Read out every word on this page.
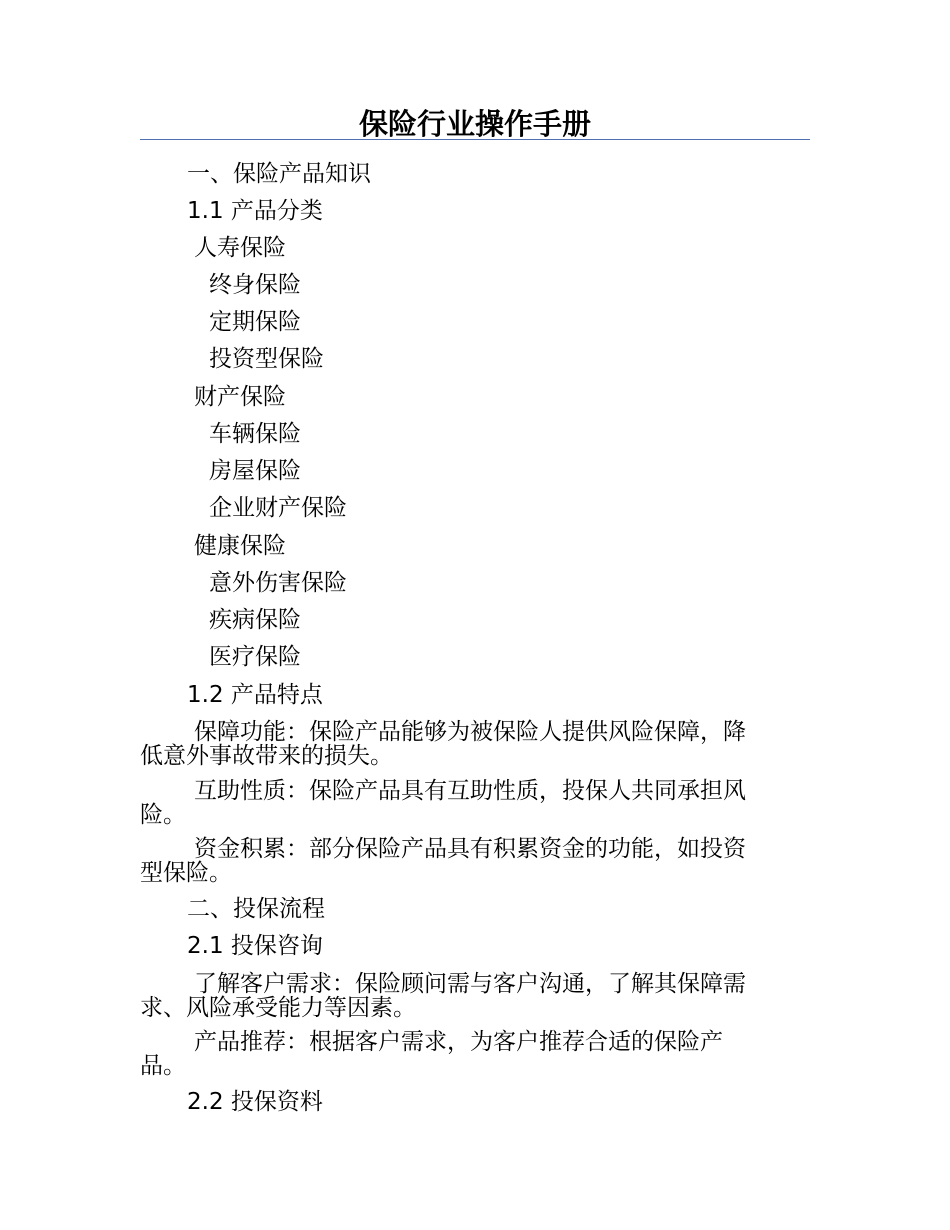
保险行业操作手册

一、保险产品知识

1.1 产品分类

人寿保险

终身保险

定期保险

投资型保险

财产保险

车辆保险

房屋保险

企业财产保险

健康保险

意外伤害保险

疾病保险

医疗保险

1.2 产品特点

保障功能：保险产品能够为被保险人提供风险保障，降
低意外事故带来的损失。
互助性质：保险产品具有互助性质，投保人共同承担风
险。
资金积累：部分保险产品具有积累资金的功能，如投资
型保险。

二、投保流程

2.1 投保咨询

了解客户需求：保险顾问需与客户沟通，了解其保障需
求、风险承受能力等因素。
产品推荐：根据客户需求，为客户推荐合适的保险产
品。

2.2 投保资料
